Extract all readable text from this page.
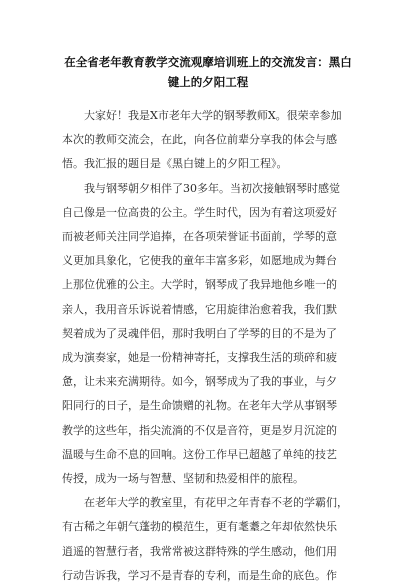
在全省老年教育教学交流观摩培训班上的交流发言：黑白
键上的夕阳工程

大家好！我是X市老年大学的钢琴教师X。很荣幸参加
本次的教师交流会，在此，向各位前辈分享我的体会与感
悟。我汇报的题目是《黑白键上的夕阳工程》。

我与钢琴朝夕相伴了30多年。当初次接触钢琴时感觉
自己像是一位高贵的公主。学生时代，因为有着这项爱好
而被老师关注同学追捧，在各项荣誉证书面前，学琴的意
义更加具象化，它使我的童年丰富多彩，如愿地成为舞台
上那位优雅的公主。大学时，钢琴成了我异地他乡唯一的
亲人，我用音乐诉说着情感，它用旋律治愈着我，我们默
契着成为了灵魂伴侣，那时我明白了学琴的目的不是为了
成为演奏家，她是一份精神寄托，支撑我生活的琐碎和疲
惫，让未来充满期待。如今，钢琴成为了我的事业，与夕
阳同行的日子，是生命馈赠的礼物。在老年大学从事钢琴
教学的这些年，指尖流淌的不仅是音符，更是岁月沉淀的
温暖与生命不息的回响。这份工作早已超越了单纯的技艺
传授，成为一场与智慧、坚韧和热爱相伴的旅程。

在老年大学的教室里，有花甲之年青春不老的学霸们，
有古稀之年朝气蓬勃的模范生，更有耄耋之年却依然快乐
逍遥的智慧行者，我常常被这群特殊的学生感动，他们用
行动告诉我，学习不是青春的专利，而是生命的底色。作
